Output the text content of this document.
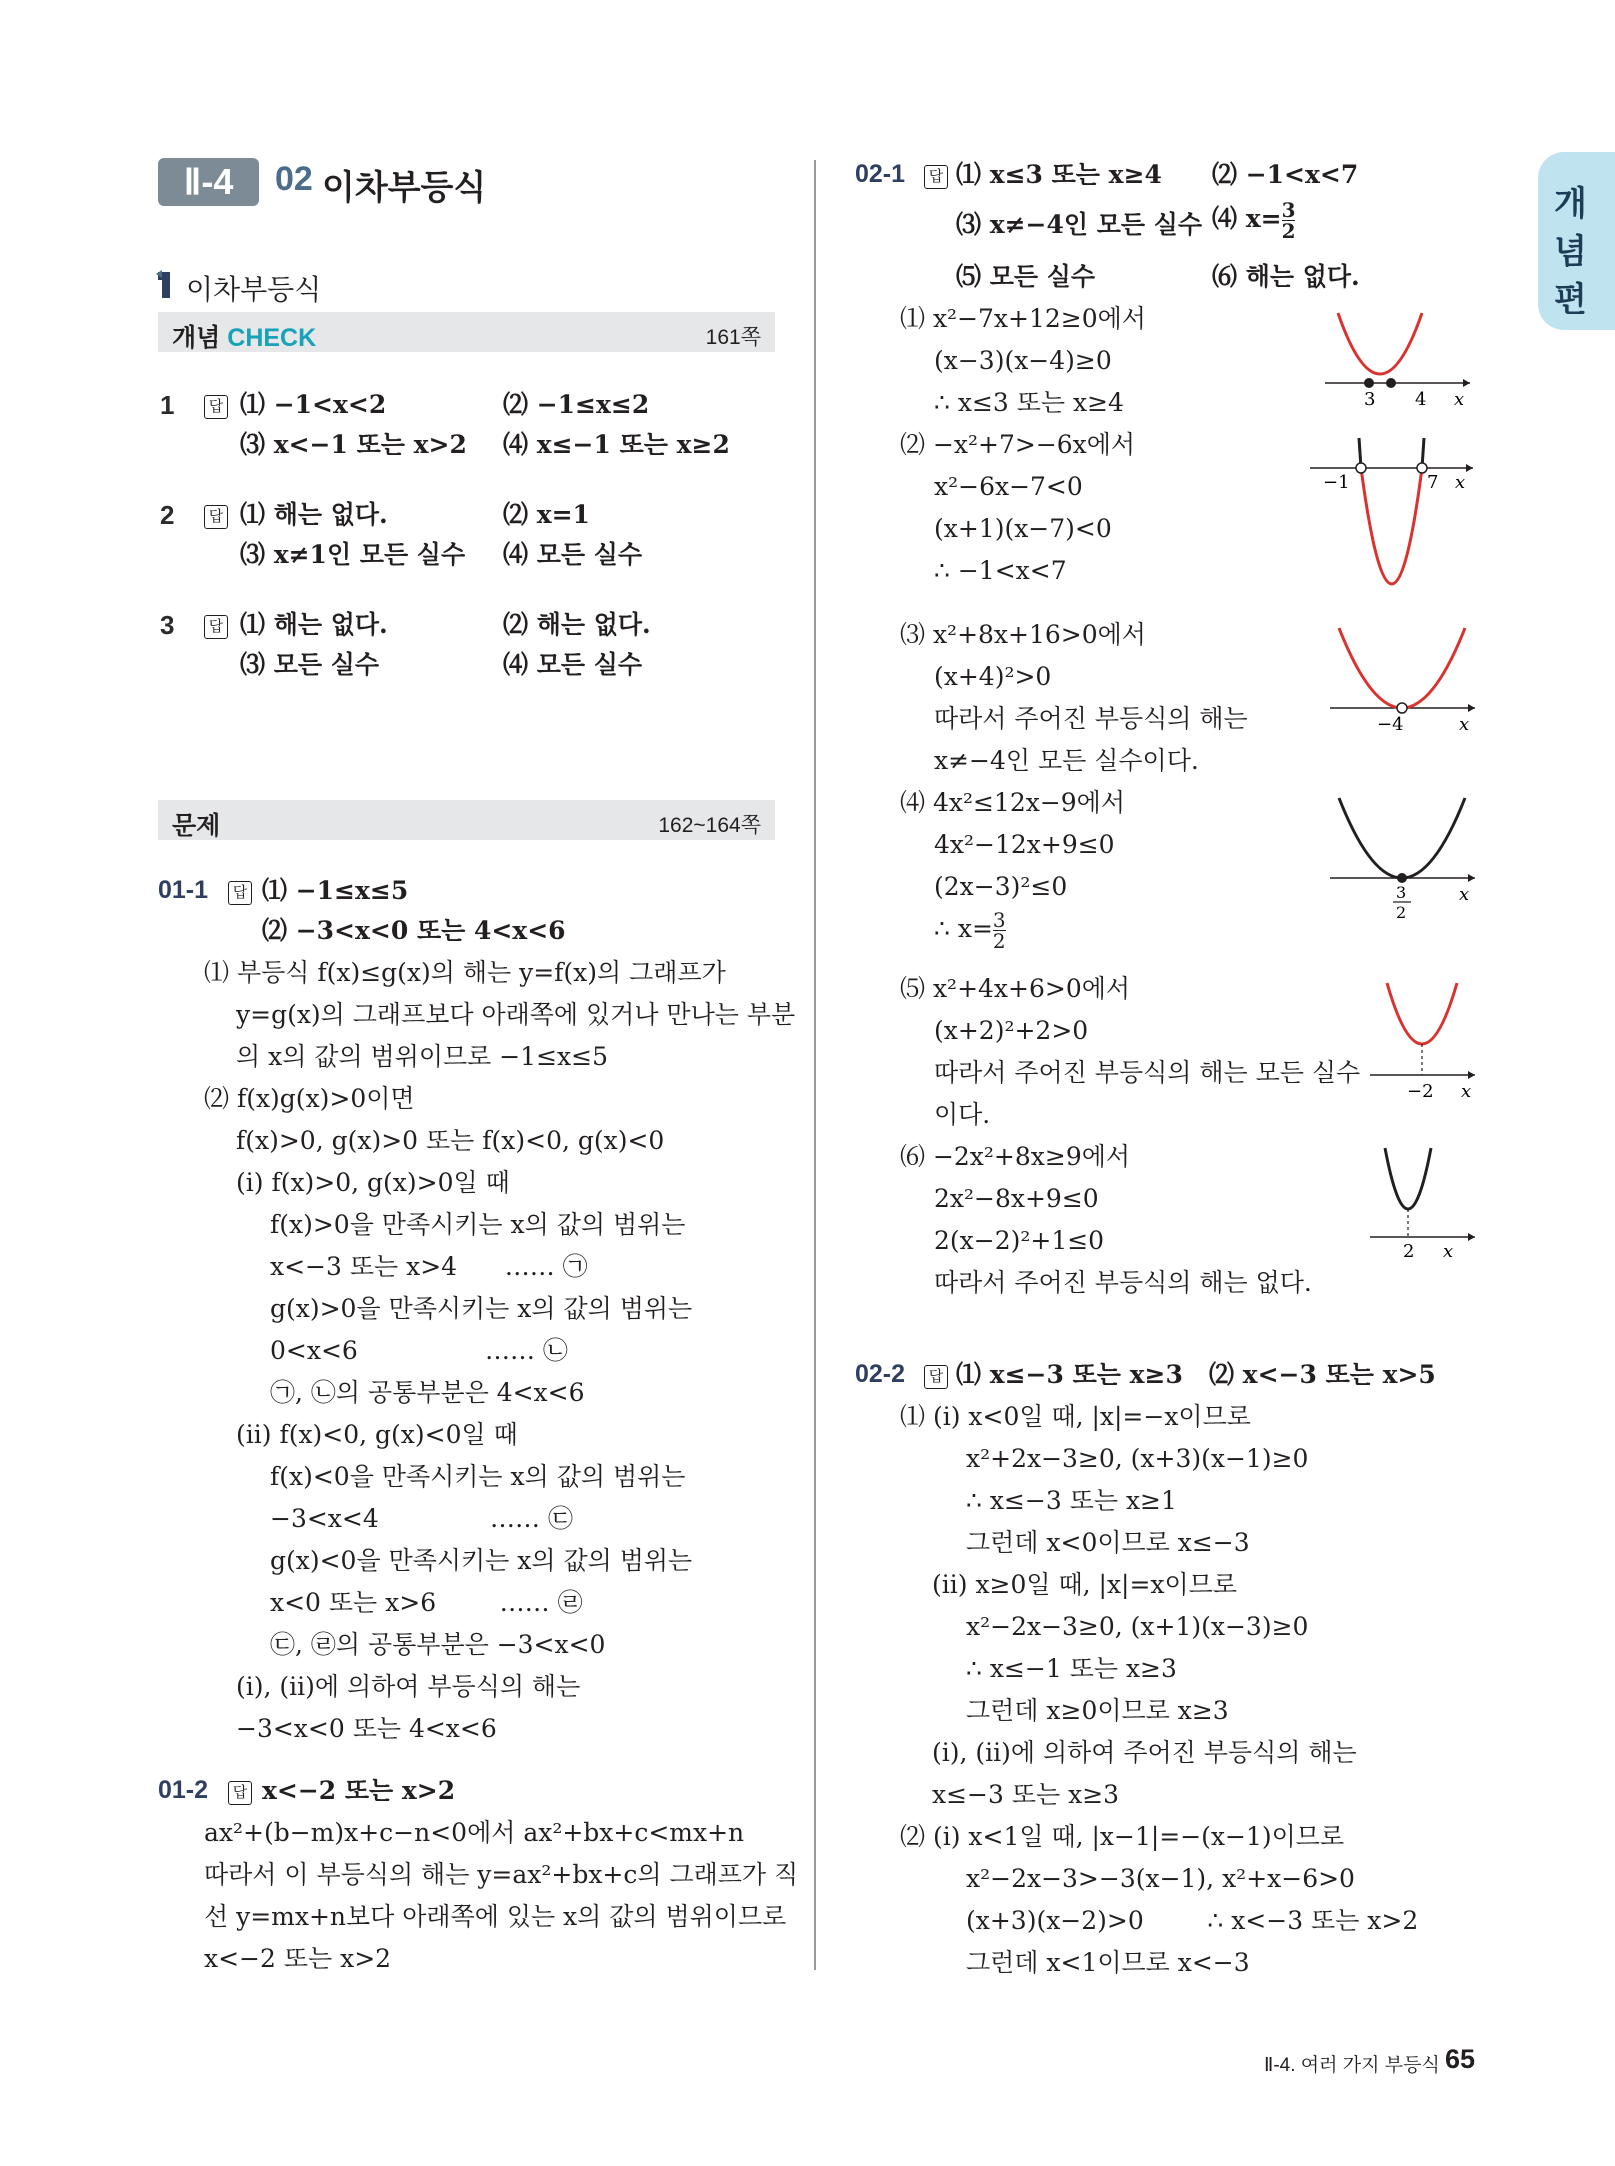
Ⅱ-4	02 이차부등식	개
념
편
이차부등식
개념 CHECK	161쪽
1	답 ⑴ −1<x<2	⑵ −1≤x≤2
⑶ x<−1 또는 x>2 ⑷ x≤−1 또는 x≥2
2	답 ⑴ 해는 없다.	⑵ x=1
⑶ x≠1인 모든 실수 ⑷ 모든 실수
3	답 ⑴ 해는 없다.	⑵ 해는 없다.
⑶ 모든 실수	⑷ 모든 실수
문제	162~164쪽
01-1	답 ⑴ −1≤x≤5
⑵ −3<x<0 또는 4<x<6
⑴ 부등식 f(x)≤g(x)의 해는 y=f(x)의 그래프가
y=g(x)의 그래프보다 아래쪽에 있거나 만나는 부분
의 x의 값의 범위이므로 −1≤x≤5
⑵ f(x)g(x)>0이면
f(x)>0, g(x)>0 또는 f(x)<0, g(x)<0
(ⅰ) f(x)>0, g(x)>0일 때
f(x)>0을 만족시키는 x의 값의 범위는
x<−3 또는 x>4      …… ㉠
g(x)>0을 만족시키는 x의 값의 범위는
0<x<6                …… ㉡
㉠, ㉡의 공통부분은 4<x<6
(ⅱ) f(x)<0, g(x)<0일 때
f(x)<0을 만족시키는 x의 값의 범위는
−3<x<4              …… ㉢
g(x)<0을 만족시키는 x의 값의 범위는
x<0 또는 x>6        …… ㉣
㉢, ㉣의 공통부분은 −3<x<0
(ⅰ), (ⅱ)에 의하여 부등식의 해는
−3<x<0 또는 4<x<6
01-2	답 x<−2 또는 x>2
ax²+(b−m)x+c−n<0에서 ax²+bx+c<mx+n
따라서 이 부등식의 해는 y=ax²+bx+c의 그래프가 직
선 y=mx+n보다 아래쪽에 있는 x의 값의 범위이므로
x<−2 또는 x>2
02-1	답 ⑴ x≤3 또는 x≥4 ⑵ −1<x<7
⑶ x≠−4인 모든 실수 ⑷ $x= \frac{3}{2}$
⑸ 모든 실수	⑹ 해는 없다.
⑴ x²−7x+12≥0에서
(x−3)(x−4)≥0
∴ x≤3 또는 x≥4
⑵ −x²+7>−6x에서
x²−6x−7<0
(x+1)(x−7)<0
∴ −1<x<7
⑶ x²+8x+16>0에서
(x+4)²>0
따라서 주어진 부등식의 해는
x≠−4인 모든 실수이다.
⑷ 4x²≤12x−9에서
4x²−12x+9≤0
(2x−3)²≤0
∴ $x= \frac{3}{2}$
⑸ x²+4x+6>0에서
(x+2)²+2>0
따라서 주어진 부등식의 해는 모든 실수
이다.
⑹ −2x²+8x≥9에서
2x²−8x+9≤0
2(x−2)²+1≤0
따라서 주어진 부등식의 해는 없다.
3 4 x
−1	7 x
−4	x
3
2
x
−2 x
2 x
02-2	답 ⑴ x≤−3 또는 x≥3   ⑵ x<−3 또는 x>5
⑴ (ⅰ) x<0일 때, |x|=−x이므로
x²+2x−3≥0, (x+3)(x−1)≥0
∴ x≤−3 또는 x≥1
그런데 x<0이므로 x≤−3
(ⅱ) x≥0일 때, |x|=x이므로
x²−2x−3≥0, (x+1)(x−3)≥0
∴ x≤−1 또는 x≥3
그런데 x≥0이므로 x≥3
(ⅰ), (ⅱ)에 의하여 주어진 부등식의 해는
x≤−3 또는 x≥3
⑵ (ⅰ) x<1일 때, |x−1|=−(x−1)이므로
x²−2x−3>−3(x−1), x²+x−6>0
(x+3)(x−2)>0        ∴ x<−3 또는 x>2
그런데 x<1이므로 x<−3
Ⅱ-4. 여러 가지 부등식 65
